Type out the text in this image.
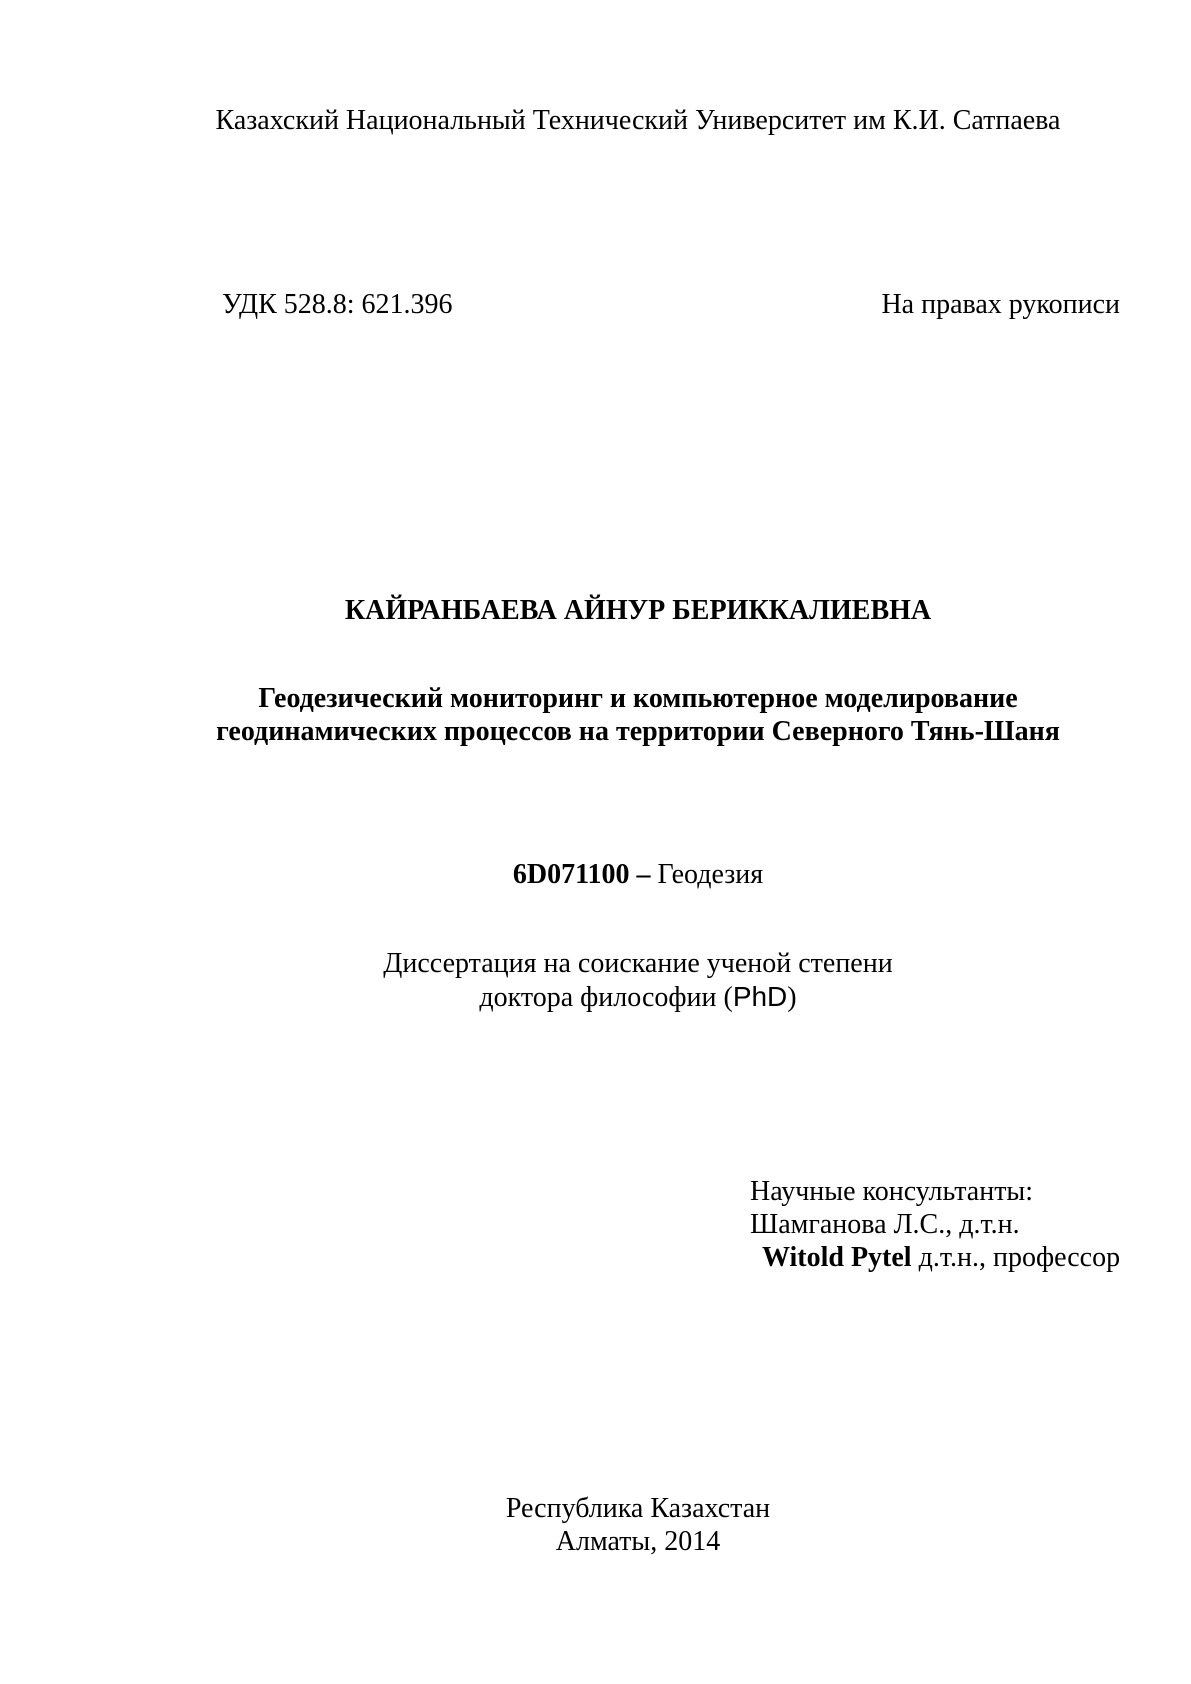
Казахский Национальный Технический Университет им К.И. Сатпаева
УДК 528.8: 621.396	На правах рукописи
КАЙРАНБАЕВА АЙНУР БЕРИККАЛИЕВНА
Геодезический мониторинг и компьютерное моделирование
геодинамических процессов на территории Северного Тянь-Шаня
6D071100 – Геодезия
Диссертация на соискание ученой степени
доктора философии (PhD)
Научные консультанты:
Шамганова Л.С., д.т.н.
Witold Pytel д.т.н., профессор
Республика Казахстан
Алматы, 2014
